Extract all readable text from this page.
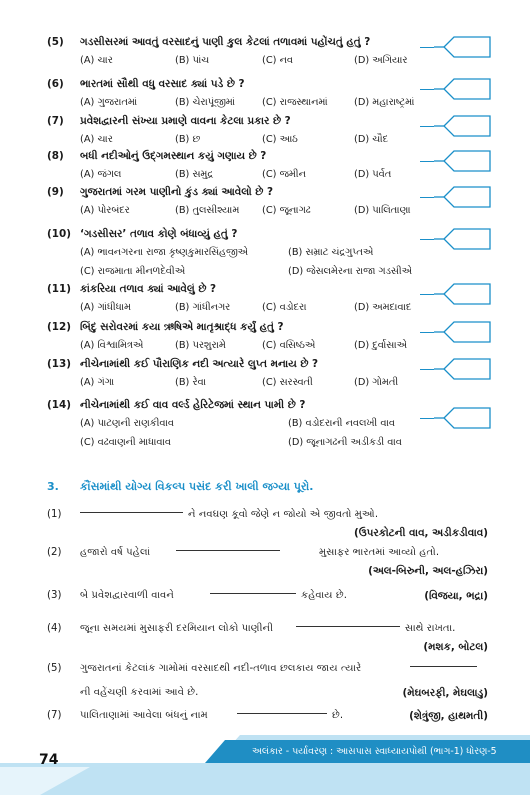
(5) ગડસીસરમાં આવતું વરસાદનું પાણી કુલ કેટલાં તળાવમાં પહોંચતું હતું ?
(A) ચાર	(B) પાંચ	(C) નવ	(D) અગિયાર
(6) ભારતમાં સૌથી વધુ વરસાદ ક્યાં પડે છે ?
(A) ગુજરાતમાં	(B) ચેરાપૂંજીમાં	(C) રાજસ્થાનમાં	(D) મહારાષ્ટ્રમાં
(7) પ્રવેશદ્વારની સંખ્યા પ્રમાણે વાવના કેટલા પ્રકાર છે ?
(A) ચાર	(B) છ	(C) આઠ	(D) ચૌદ
(8) બધી નદીઓનું ઉદ્‌ગમસ્થાન કયું ગણાય છે ?
(A) જંગલ	(B) સમુદ્ર	(C) જમીન	(D) પર્વત
(9) ગુજરાતમાં ગરમ પાણીનો કુંડ ક્યાં આવેલો છે ?
(A) પોરબંદર	(B) તુલસીશ્યામ (C) જૂનાગઢ	(D) પાલિતાણા
(10) ‘ગડસીસર’ તળાવ કોણે બંધાવ્યું હતું ?
(A) ભાવનગરના રાજા કૃષ્ણકુમારસિંહજીએ	(B) સમ્રાટ ચંદ્રગુપ્તએ
(C) રાજમાતા મીનળદેવીએ	(D) જેસલમેરના રાજા ગડસીએ
(11) કાંકરિયા તળાવ ક્યાં આવેલું છે ?
(A) ગાંધીધામ	(B) ગાંધીનગર	(C) વડોદરા	(D) અમદાવાદ
(12) બિંદુ સરોવરમાં કયા ઋષિએ માતૃશ્રાદ્ધ કર્યું હતું ?
(A) વિશ્વામિત્રએ	(B) પરશુરામે	(C) વસિષ્ઠએ	(D) દુર્વાસાએ
(13) નીચેનામાંથી કઈ પૌરાણિક નદી અત્યારે લુપ્ત મનાય છે ?
(A) ગંગા	(B) રેવા	(C) સરસ્વતી	(D) ગોમતી
(14) નીચેનામાંથી કઈ વાવ વર્લ્ડ હેરિટેજમાં સ્થાન પામી છે ?
(A) પાટણની રાણકીવાવ	(B) વડોદરાની નવલખી વાવ
(C) વઢવાણની માધાવાવ	(D) જૂનાગઢની અડીકડી વાવ
3. કૌંસમાંથી યોગ્ય વિકલ્પ પસંદ કરી ખાલી જગ્યા પૂરો.
(1)	ને નવઘણ કૂવો જેણે ન જોયો એ જીવતો મુઓ.
(ઉપરકોટની વાવ, અડીકડીવાવ)
(2) હજારો વર્ષ પહેલાં	મુસાફર ભારતમાં આવ્યો હતો.
(અલ-બિરુની, અલ-હઝિરા)
(3) બે પ્રવેશદ્વારવાળી વાવને	કહેવાય છે.	(વિજયા, ભદ્રા)
(4) જૂના સમયમાં મુસાફરી દરમિયાન લોકો પાણીની	સાથે રાખતા.
(મશક, બોટલ)
(5) ગુજરાતનાં કેટલાંક ગામોમાં વરસાદથી નદી-તળાવ છલકાય જાય ત્યારે
ની વહેંચણી કરવામાં આવે છે.	(મેઘબરફી, મેઘલાડુ)
(7) પાલિતાણામાં આવેલા બંધનું નામ	છે.	(શેત્રુંજી, હાથમતી)
74
અલંકાર - પર્યાવરણ : આસપાસ સ્વાધ્યાયપોથી (ભાગ-1) ધોરણ-5
